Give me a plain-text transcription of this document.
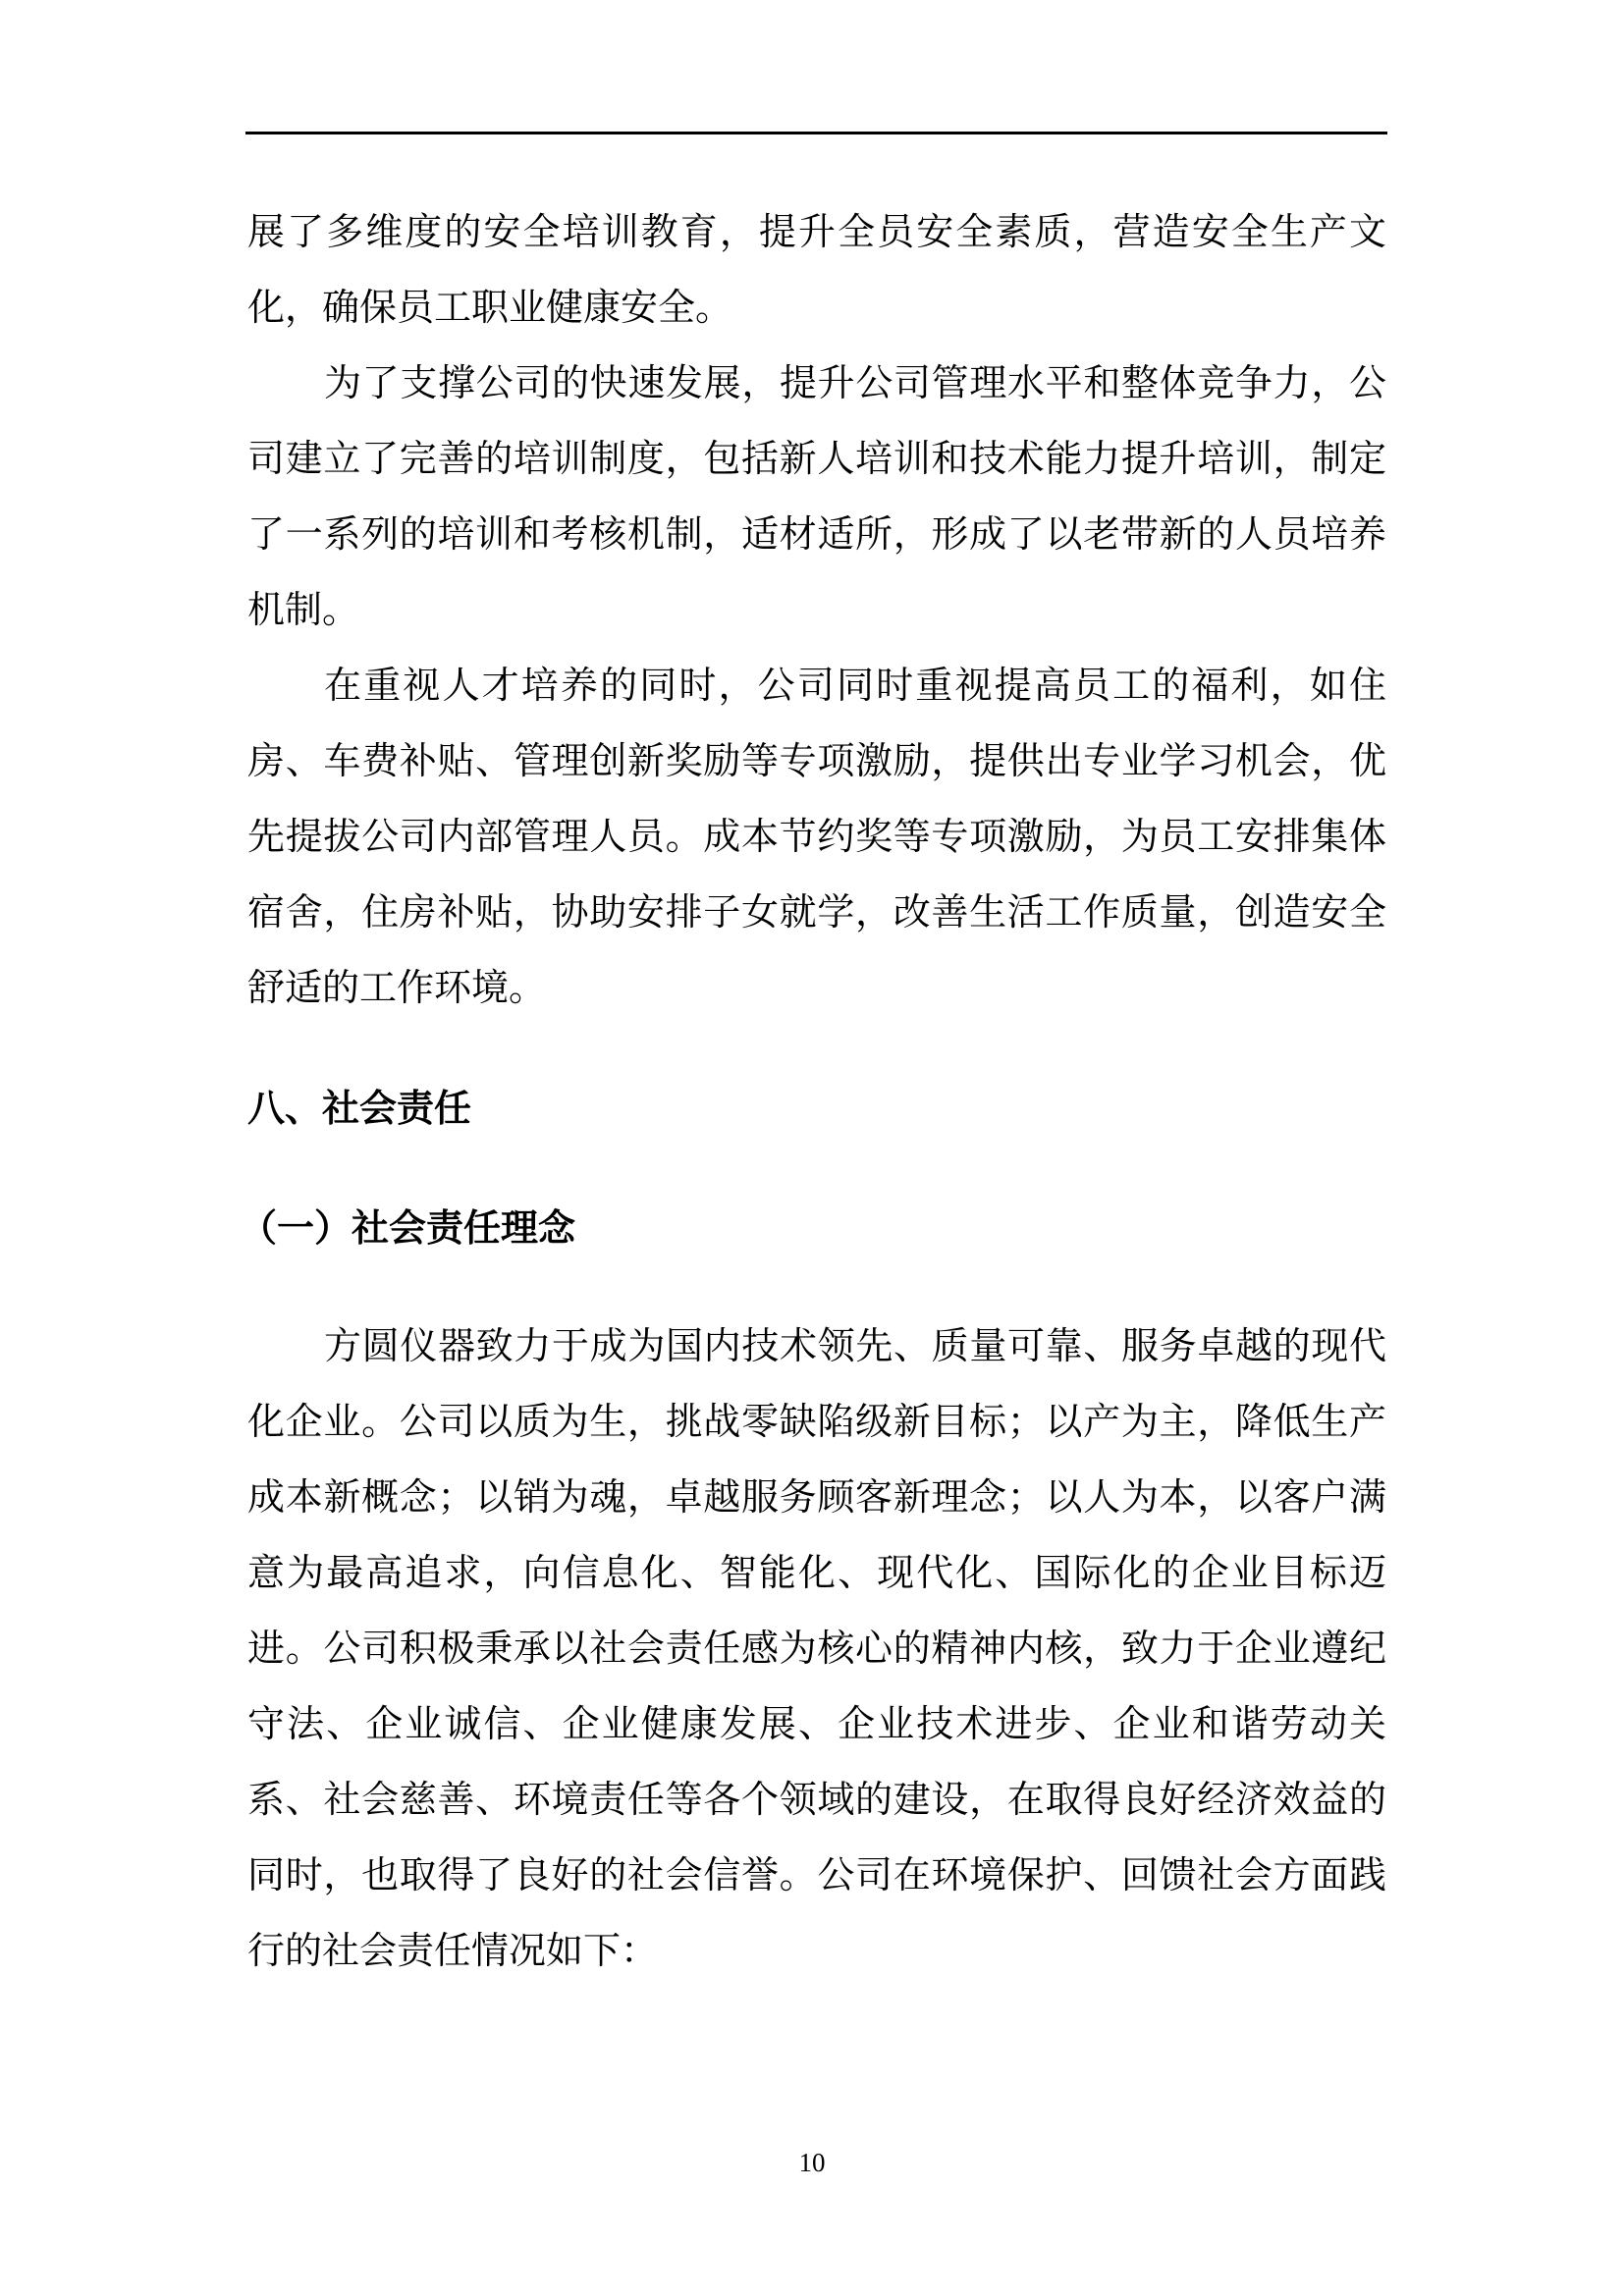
展了多维度的安全培训教育，提升全员安全素质，营造安全生产文化，确保员工职业健康安全。

为了支撑公司的快速发展，提升公司管理水平和整体竞争力，公司建立了完善的培训制度，包括新人培训和技术能力提升培训，制定了一系列的培训和考核机制，适材适所，形成了以老带新的人员培养机制。

在重视人才培养的同时，公司同时重视提高员工的福利，如住房、车费补贴、管理创新奖励等专项激励，提供出专业学习机会，优先提拔公司内部管理人员。成本节约奖等专项激励，为员工安排集体宿舍，住房补贴，协助安排子女就学，改善生活工作质量，创造安全舒适的工作环境。

八、社会责任
（一）社会责任理念

方圆仪器致力于成为国内技术领先、质量可靠、服务卓越的现代化企业。公司以质为生，挑战零缺陷级新目标；以产为主，降低生产成本新概念；以销为魂，卓越服务顾客新理念；以人为本，以客户满意为最高追求，向信息化、智能化、现代化、国际化的企业目标迈进。公司积极秉承以社会责任感为核心的精神内核，致力于企业遵纪守法、企业诚信、企业健康发展、企业技术进步、企业和谐劳动关系、社会慈善、环境责任等各个领域的建设，在取得良好经济效益的同时，也取得了良好的社会信誉。公司在环境保护、回馈社会方面践行的社会责任情况如下：

10
